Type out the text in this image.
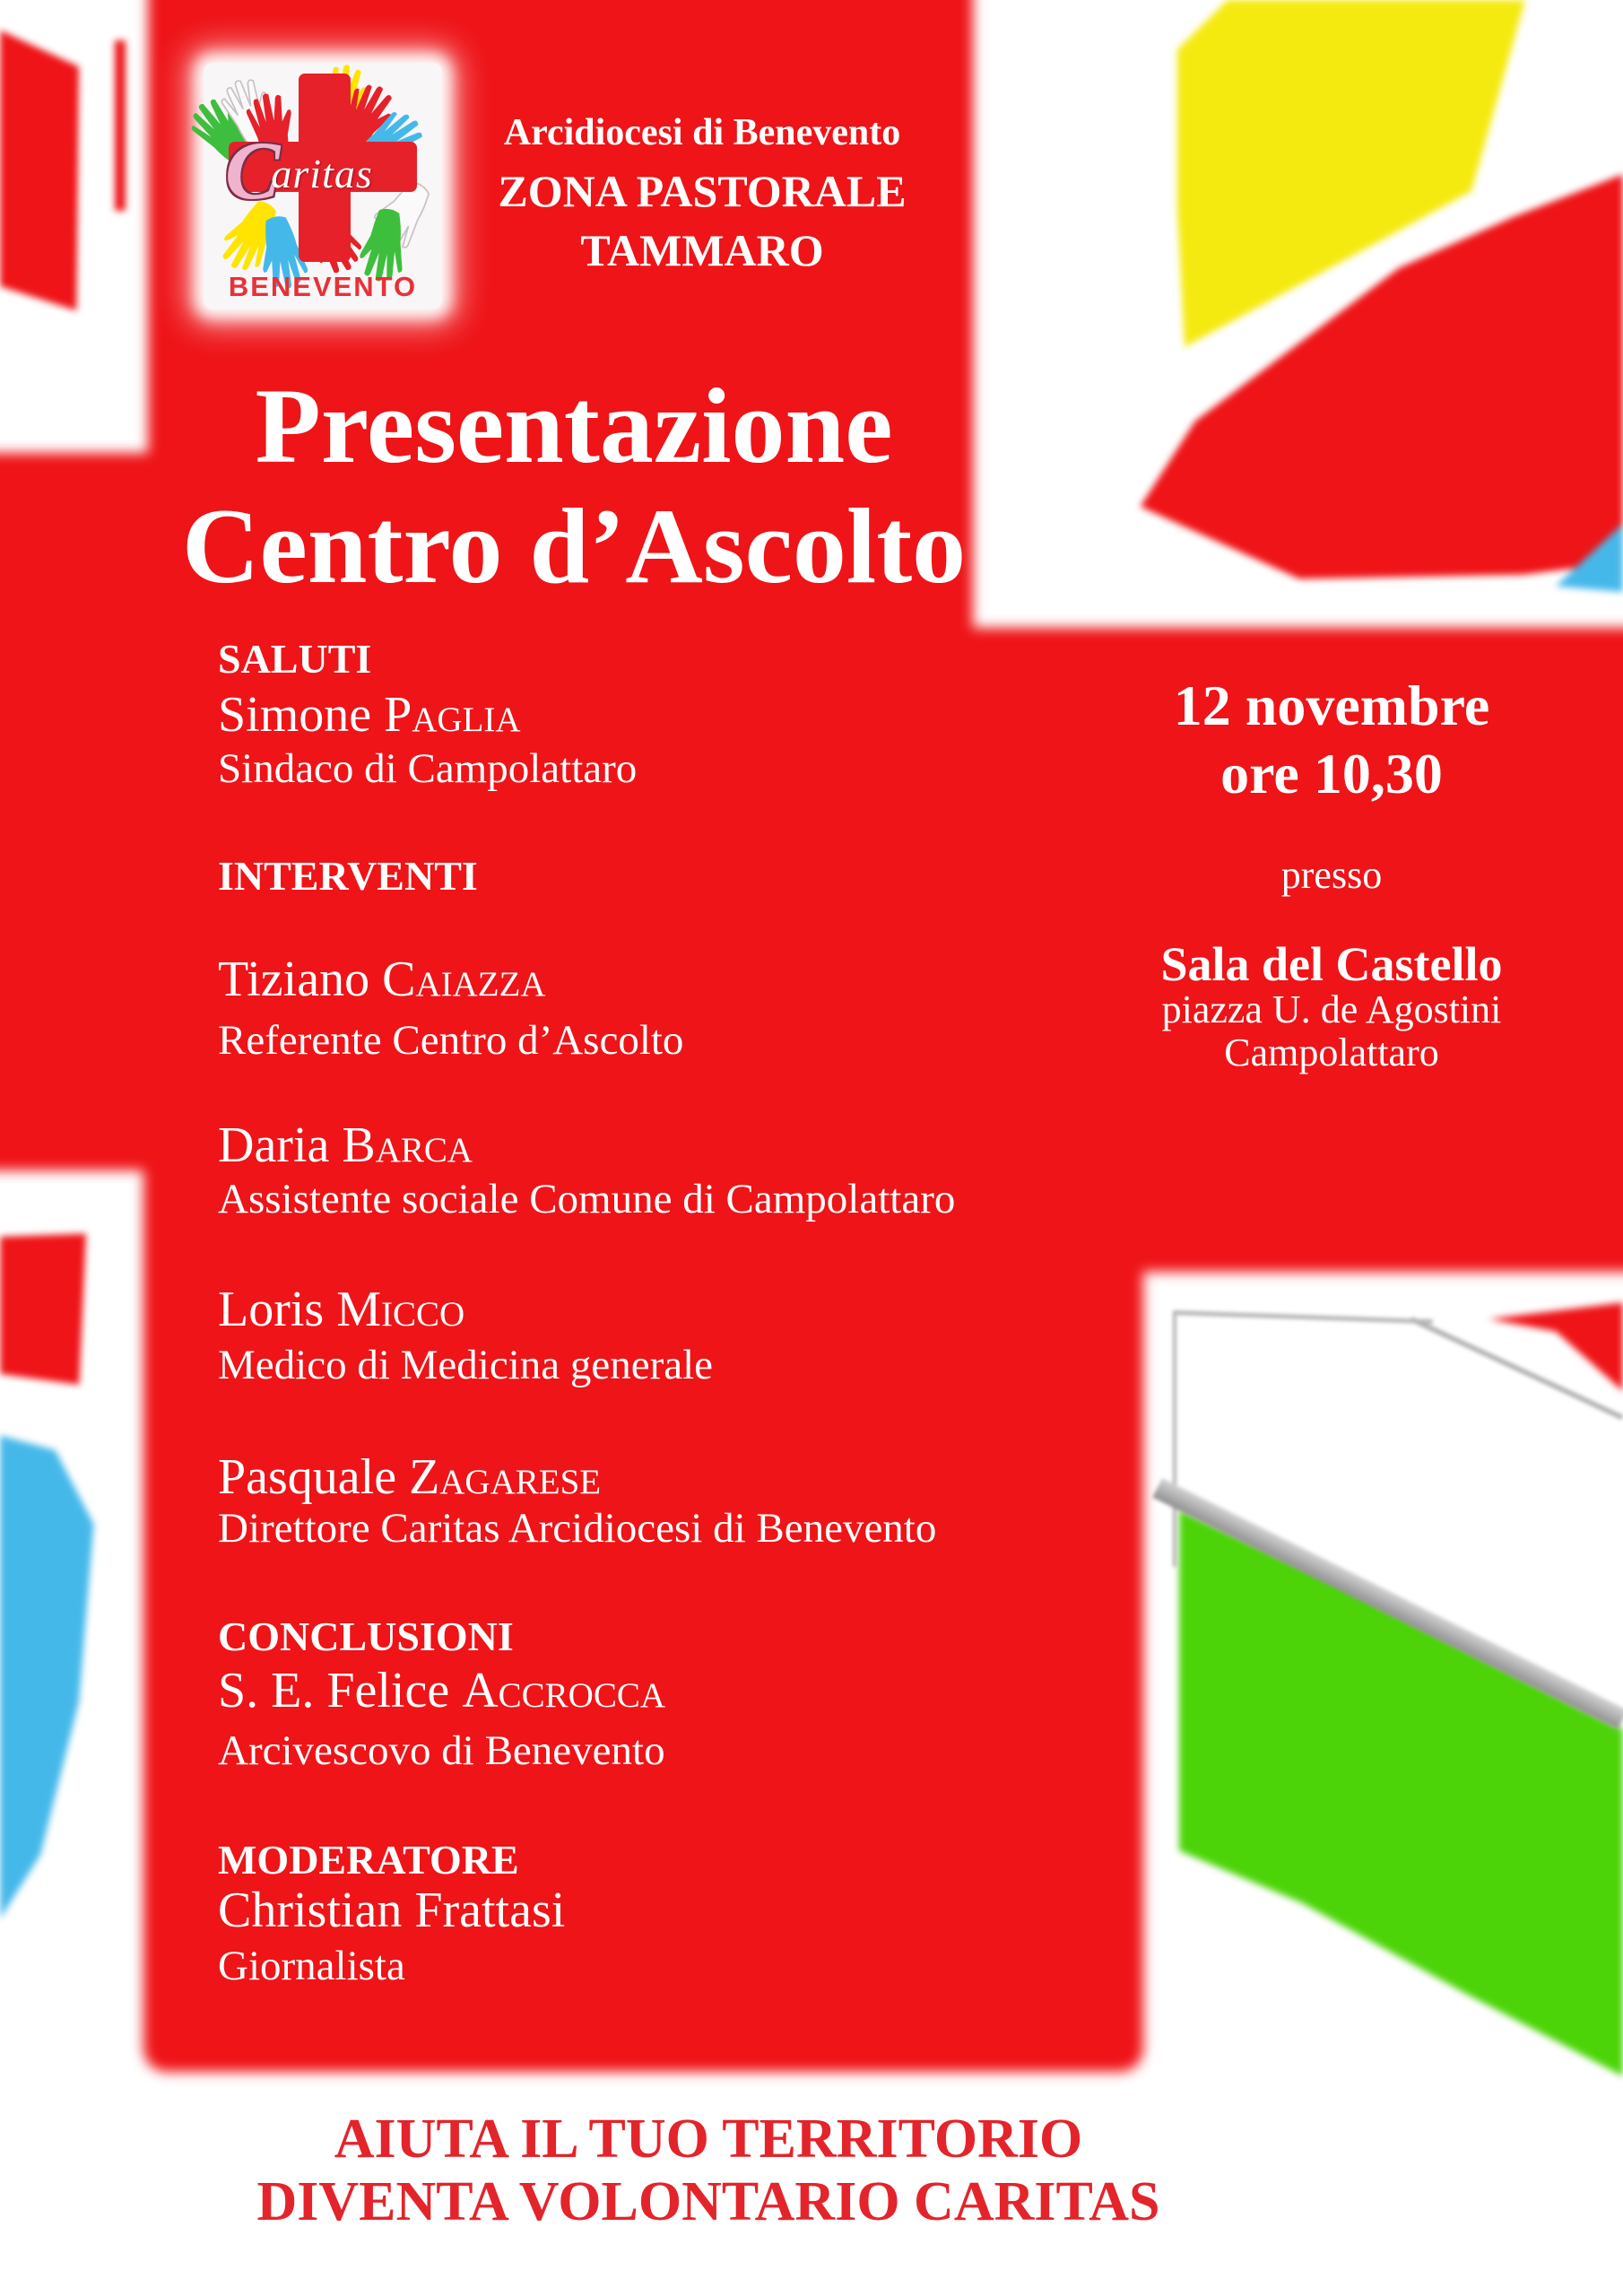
Caritas
BENEVENTO
Arcidiocesi di Benevento
ZONA PASTORALE
TAMMARO
Presentazione
Centro d’Ascolto
SALUTI
Simone Paglia
Sindaco di Campolattaro
INTERVENTI
Tiziano Caiazza
Referente Centro d’Ascolto
Daria Barca
Assistente sociale Comune di Campolattaro
Loris Micco
Medico di Medicina generale
Pasquale Zagarese
Direttore Caritas Arcidiocesi di Benevento
CONCLUSIONI
S. E. Felice Accrocca
Arcivescovo di Benevento
MODERATORE
Christian Frattasi
Giornalista
12 novembre
ore 10,30
presso
Sala del Castello
piazza U. de Agostini
Campolattaro
AIUTA IL TUO TERRITORIO
DIVENTA VOLONTARIO CARITAS
